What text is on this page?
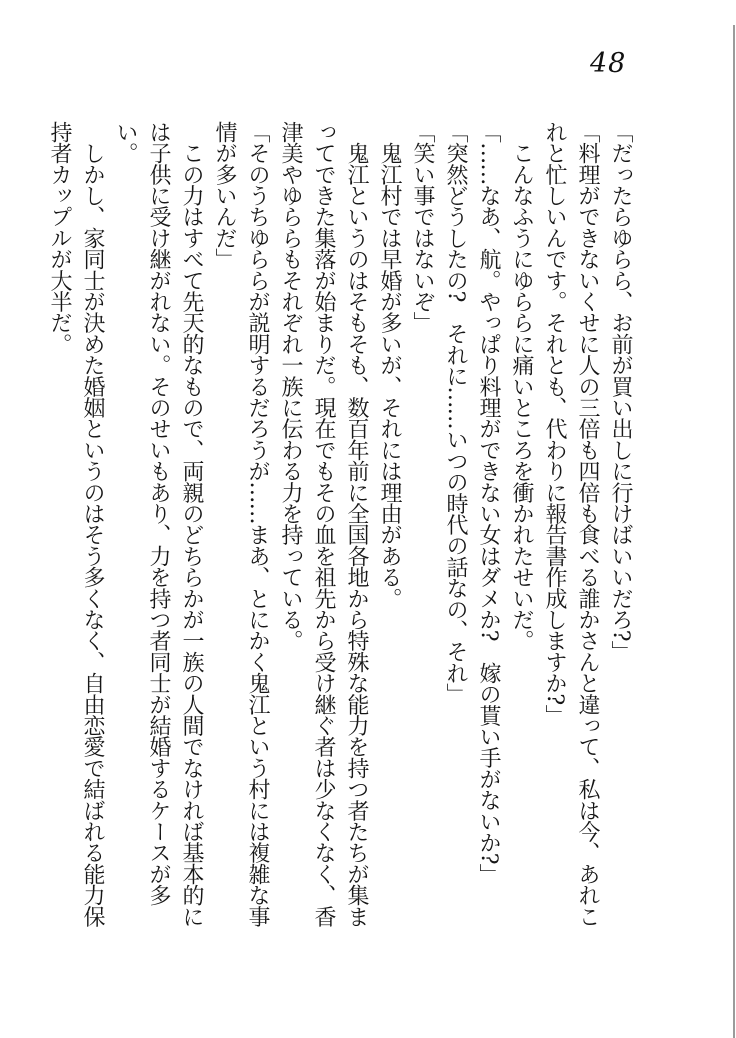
48

「だったらゆらら、お前が買い出しに行けばいいだろ?」

「料理ができないくせに人の三倍も四倍も食べる誰かさんと違って、私は今、あれこれと忙しいんです。それとも、代わりに報告書作成しますか?」

　こんなふうにゆららに痛いところを衝かれたせいだ。

「……なあ、航。やっぱり料理ができない女はダメか?　嫁の貰い手がないか?」

「突然どうしたの?　それに……いつの時代の話なの、それ」

「笑い事ではないぞ」

　鬼江村では早婚が多いが、それには理由がある。

　鬼江というのはそもそも、数百年前に全国各地から特殊な能力を持つ者たちが集まってできた集落が始まりだ。現在でもその血を祖先から受け継ぐ者は少なくなく、香津美やゆららもそれぞれ一族に伝わる力を持っている。

「そのうちゆららが説明するだろうが……まあ、とにかく鬼江という村には複雑な事情が多いんだ」

　この力はすべて先天的なもので、両親のどちらかが一族の人間でなければ基本的には子供に受け継がれない。そのせいもあり、力を持つ者同士が結婚するケースが多い。

　しかし、家同士が決めた婚姻というのはそう多くなく、自由恋愛で結ばれる能力保持者カップルが大半だ。
